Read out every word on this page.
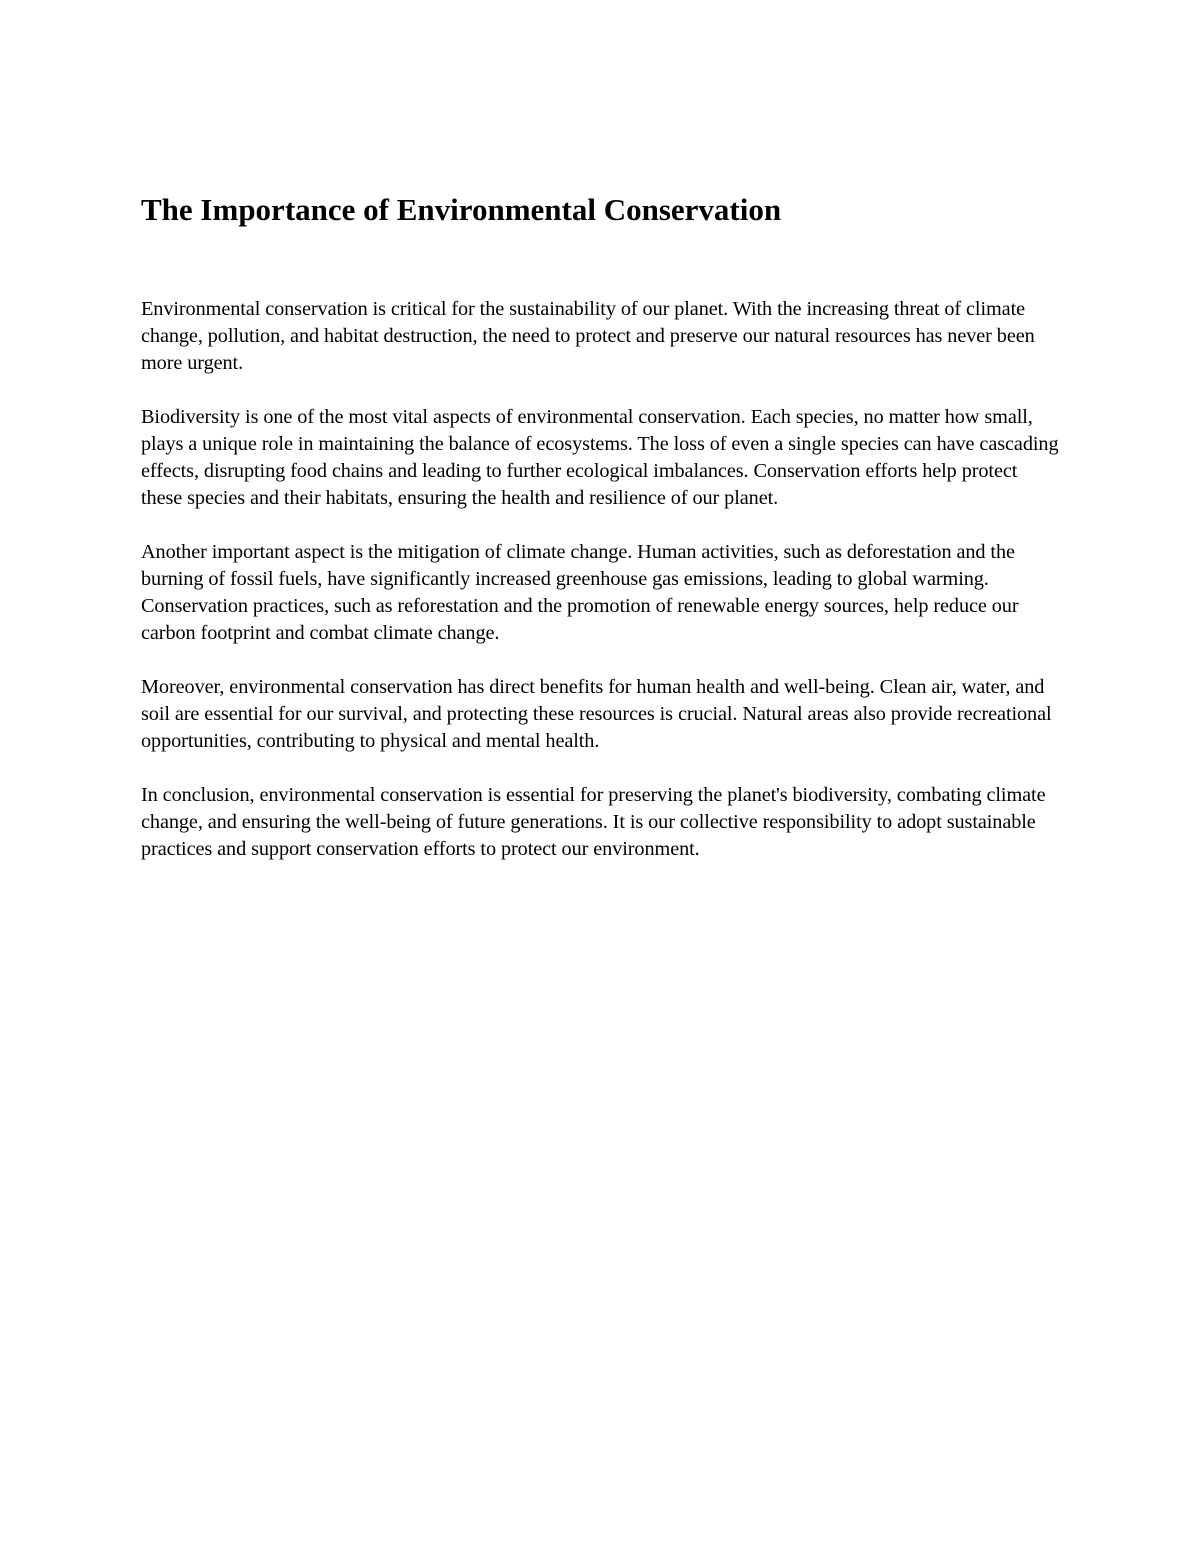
The Importance of Environmental Conservation

Environmental conservation is critical for the sustainability of our planet. With the increasing threat of climate change, pollution, and habitat destruction, the need to protect and preserve our natural resources has never been more urgent.

Biodiversity is one of the most vital aspects of environmental conservation. Each species, no matter how small, plays a unique role in maintaining the balance of ecosystems. The loss of even a single species can have cascading effects, disrupting food chains and leading to further ecological imbalances. Conservation efforts help protect these species and their habitats, ensuring the health and resilience of our planet.

Another important aspect is the mitigation of climate change. Human activities, such as deforestation and the burning of fossil fuels, have significantly increased greenhouse gas emissions, leading to global warming. Conservation practices, such as reforestation and the promotion of renewable energy sources, help reduce our carbon footprint and combat climate change.

Moreover, environmental conservation has direct benefits for human health and well-being. Clean air, water, and soil are essential for our survival, and protecting these resources is crucial. Natural areas also provide recreational opportunities, contributing to physical and mental health.

In conclusion, environmental conservation is essential for preserving the planet's biodiversity, combating climate change, and ensuring the well-being of future generations. It is our collective responsibility to adopt sustainable practices and support conservation efforts to protect our environment.
